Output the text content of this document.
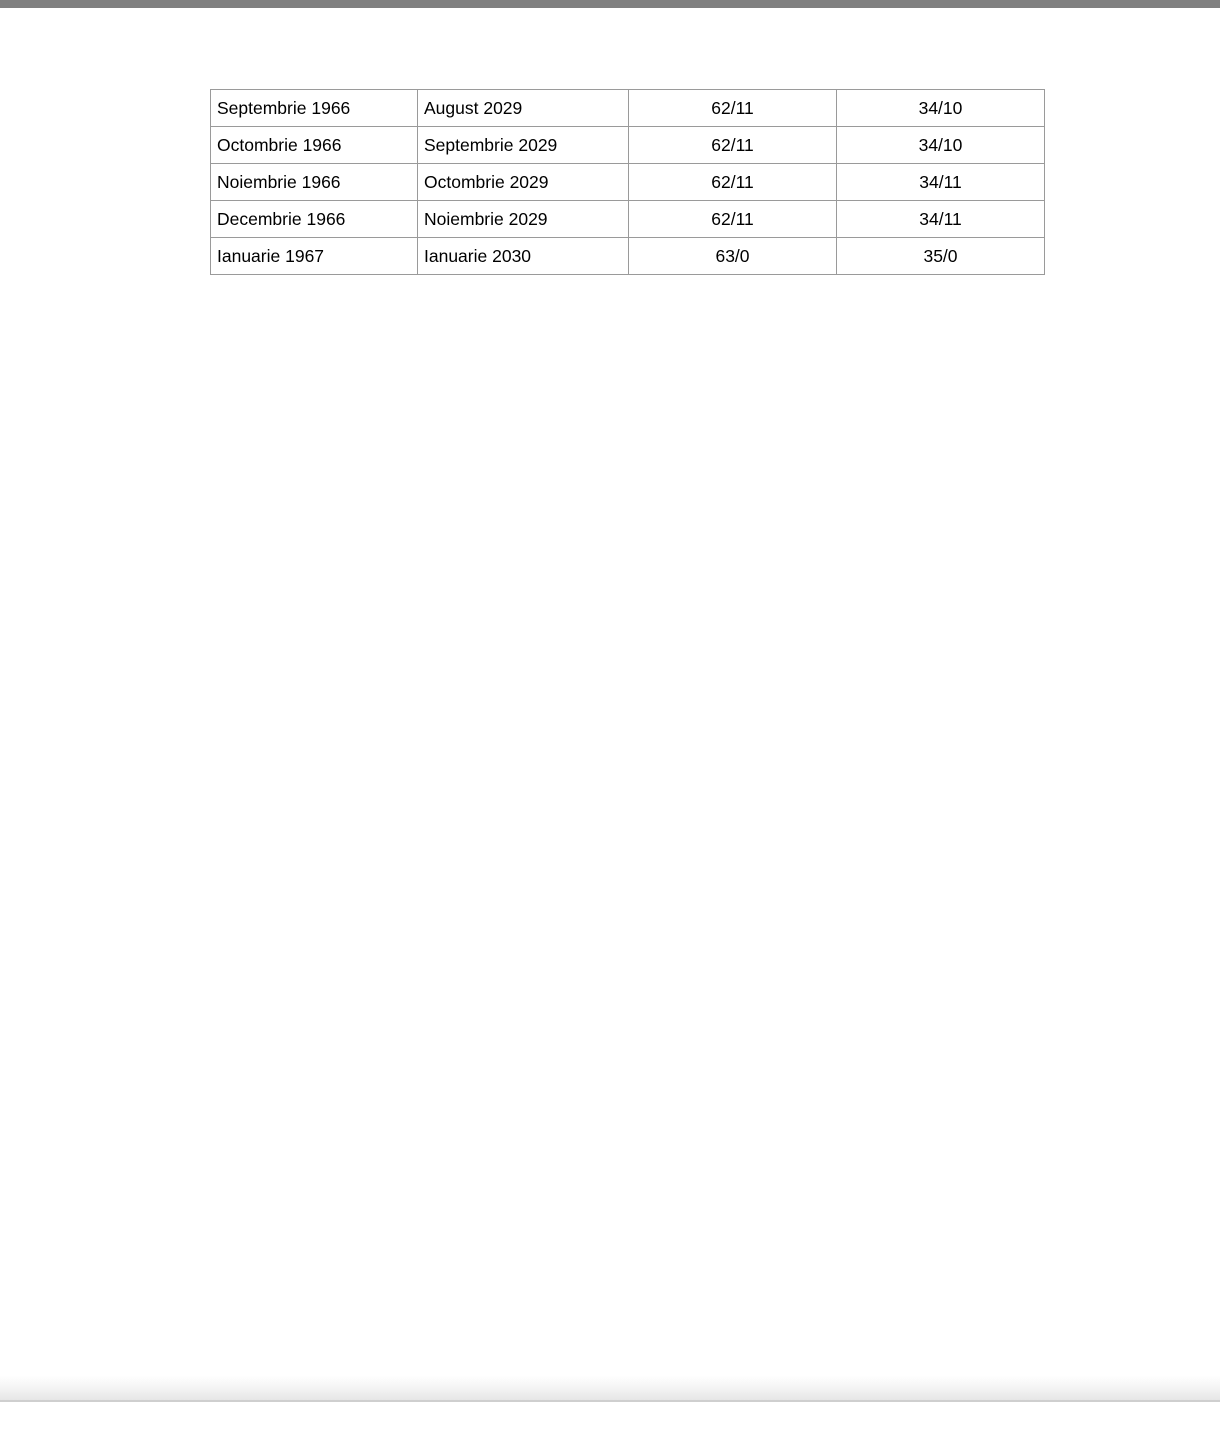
Septembrie 1966	August 2029	62/11	34/10
Octombrie 1966	Septembrie 2029	62/11	34/10
Noiembrie 1966	Octombrie 2029	62/11	34/11
Decembrie 1966	Noiembrie 2029	62/11	34/11
Ianuarie 1967	Ianuarie 2030	63/0	35/0
